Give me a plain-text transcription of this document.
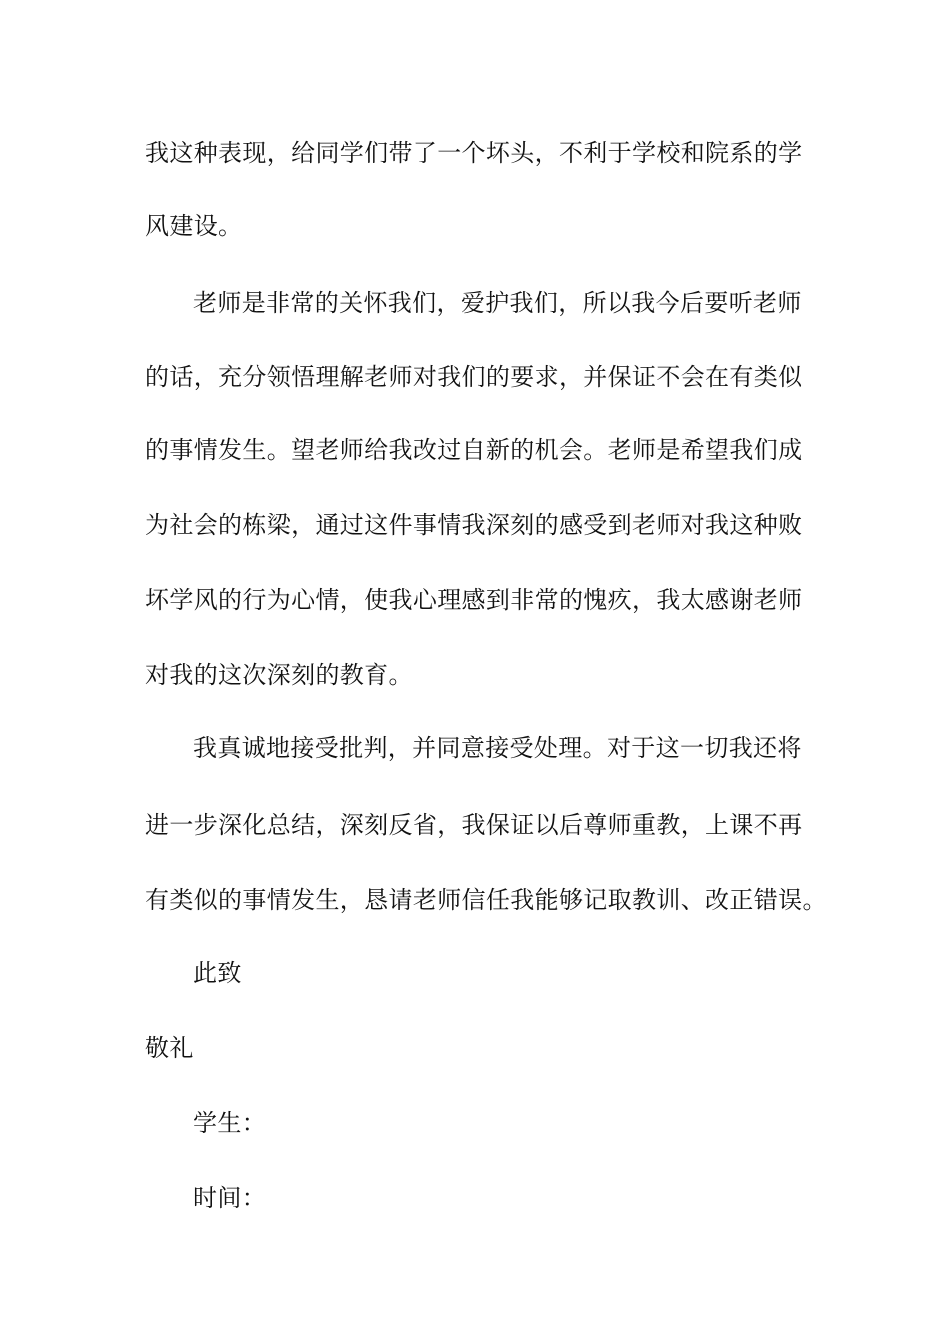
我这种表现，给同学们带了一个坏头，不利于学校和院系的学
风建设。
老师是非常的关怀我们，爱护我们，所以我今后要听老师
的话，充分领悟理解老师对我们的要求，并保证不会在有类似
的事情发生。望老师给我改过自新的机会。老师是希望我们成
为社会的栋梁，通过这件事情我深刻的感受到老师对我这种败
坏学风的行为心情，使我心理感到非常的愧疚，我太感谢老师
对我的这次深刻的教育。
我真诚地接受批判，并同意接受处理。对于这一切我还将
进一步深化总结，深刻反省，我保证以后尊师重教，上课不再
有类似的事情发生，恳请老师信任我能够记取教训、改正错误。
此致
敬礼
学生：
时间：
